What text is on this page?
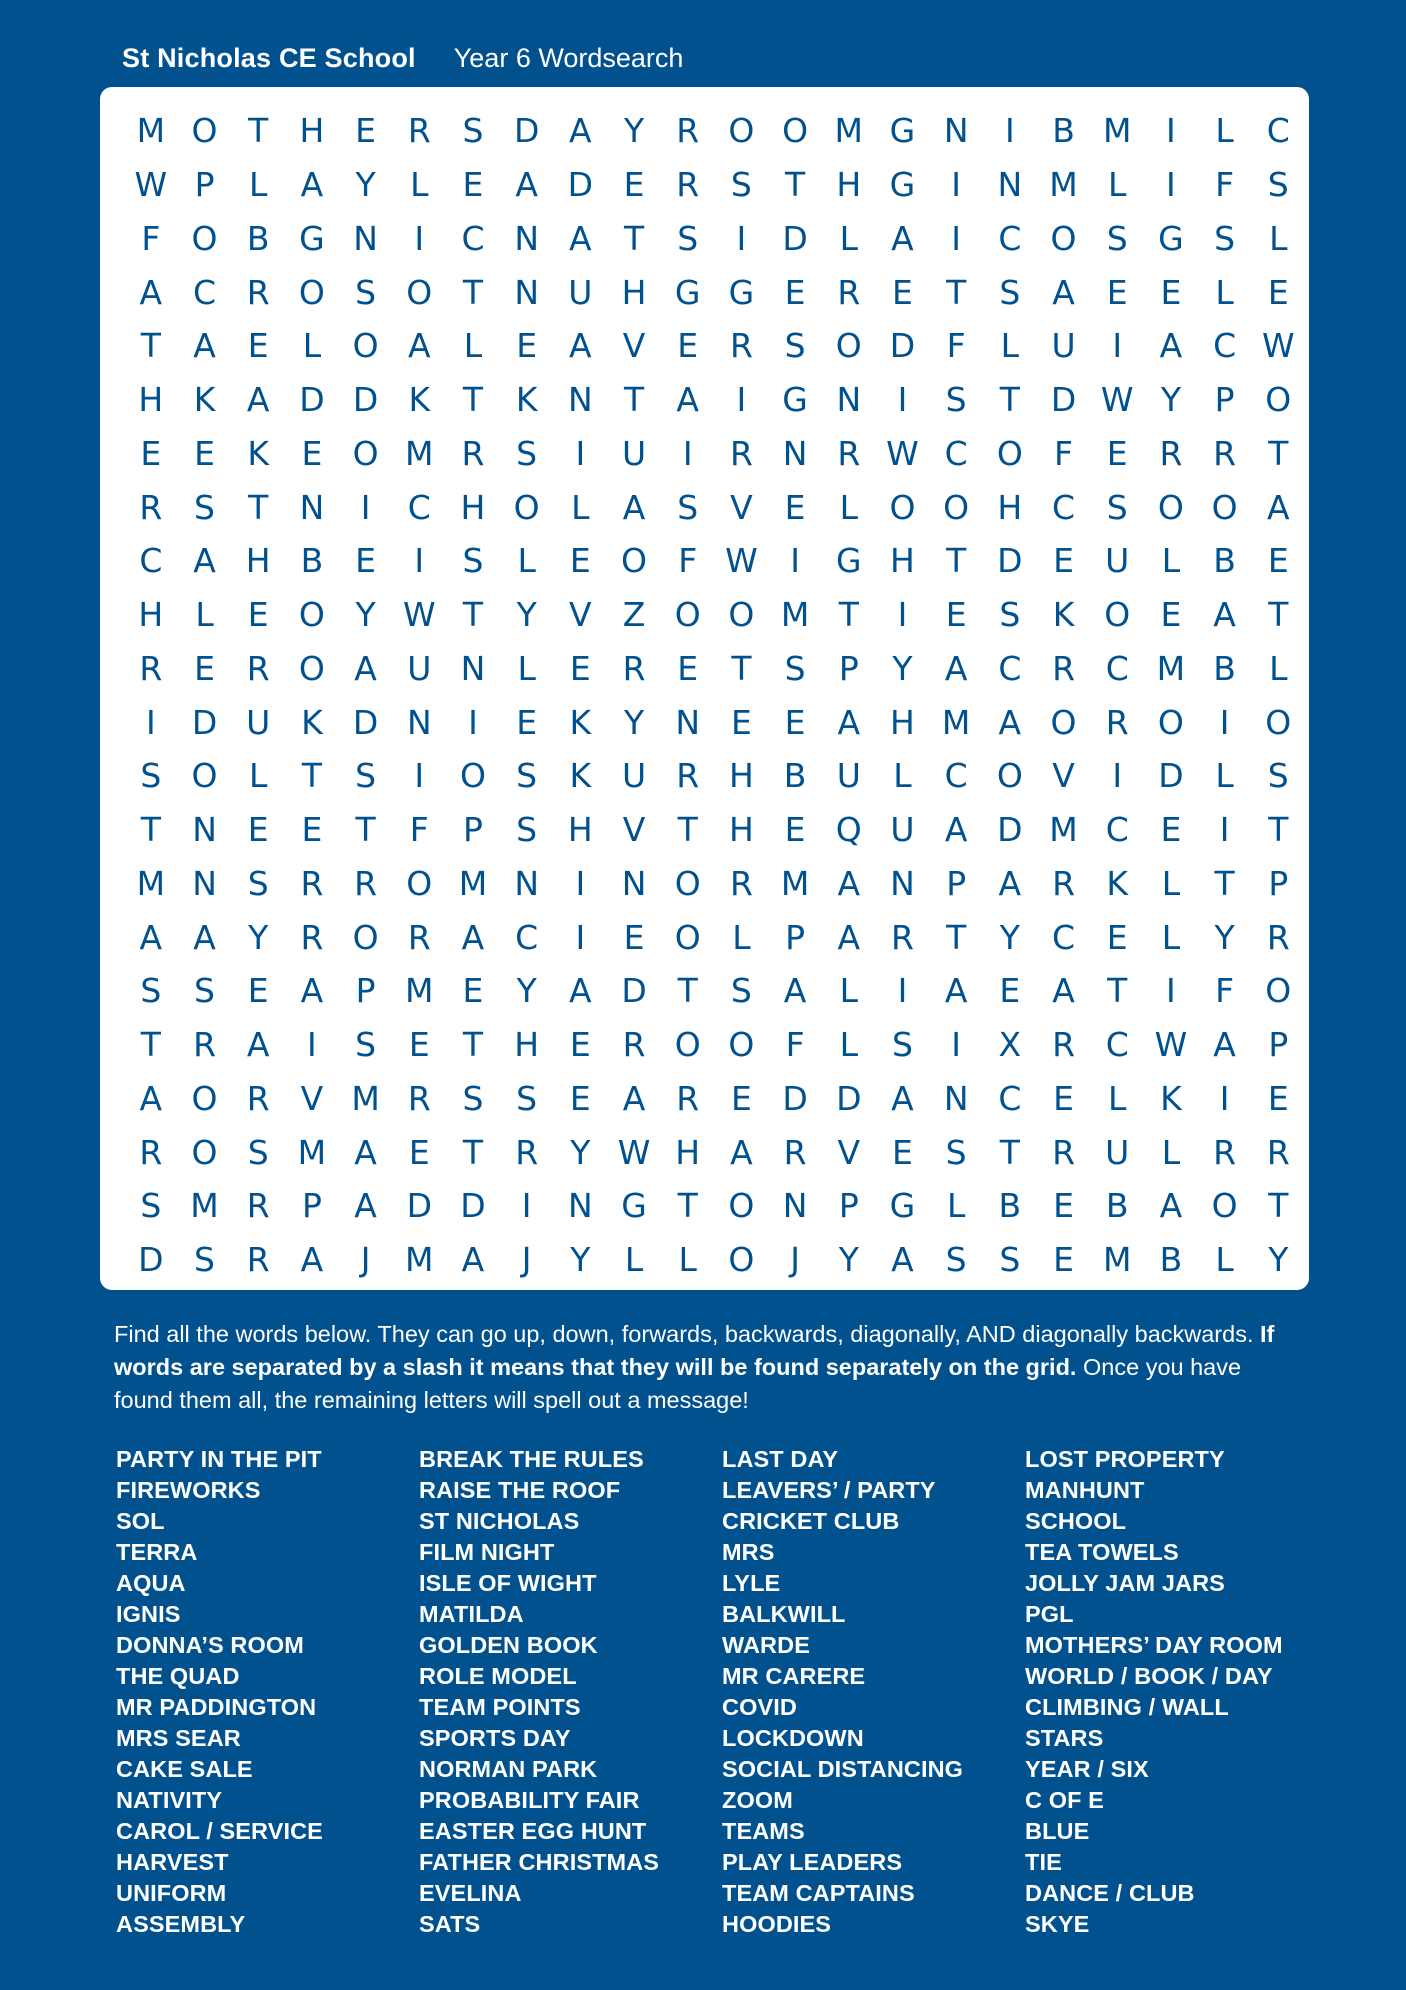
St Nicholas CE School Year 6 Wordsearch
M O T H E R S D A Y R O O M G N	I	B M	I	L C
W P	L	A Y	L	E A D E R S	T H G	I	N M L	I	F	S
F O B G N	I	C N A T	S	I	D L	A	I	C O S G S	L
A C R O S O T N U H G G E R E	T	S A E E	L	E
T A E	L O A	L	E A V E R S O D F	L U	I	A C W
H K A D D K T K N T A	I	G N	I	S	T D W Y	P O
E E K E O M R S	I	U	I	R N R W C O F	E R R T
R S	T N	I	C H O L	A S V E	L O O H C S O O A
C A H B E	I	S	L	E O F W I	G H T D E U L	B E
H L	E O Y W T	Y V Z O O M T	I	E S K O E A T
R E R O A U N L	E R E	T	S	P	Y A C R C M B	L
I	D U K D N	I	E K Y N E E A H M A O R O	I	O
S O L	T	S	I	O S K U R H B U L C O V	I	D L	S
T N E E	T	F	P	S H V T H E Q U A D M C E	I	T
M N S R R O M N	I	N O R M A N P A R K	L	T	P
A A Y R O R A C	I	E O L	P A R T	Y C E	L	Y R
S S E A P M E	Y A D T	S A	L	I	A E A T	I	F O
T R A	I	S E	T H E R O O F	L	S	I	X R C W A P
A O R V M R S S E A R E D D A N C E	L	K	I	E
R O S M A E	T R Y W H A R V E S	T R U L	R R
S M R P A D D	I	N G T O N P G L	B E B A O T
D S R A	J	M A	J	Y	L	L O	J	Y A S S E M B	L	Y
Find all the words below. They can go up, down, forwards, backwards, diagonally, AND diagonally backwards. If words are separated by a slash it means that they will be found separately on the grid. Once you have found them all, the remaining letters will spell out a message!
PARTY IN THE PIT
FIREWORKS
SOL
TERRA
AQUA
IGNIS
DONNA’S ROOM
THE QUAD
MR PADDINGTON
MRS SEAR
CAKE SALE
NATIVITY
CAROL / SERVICE
HARVEST
UNIFORM
ASSEMBLY
BREAK THE RULES
RAISE THE ROOF
ST NICHOLAS
FILM NIGHT
ISLE OF WIGHT
MATILDA
GOLDEN BOOK
ROLE MODEL
TEAM POINTS
SPORTS DAY
NORMAN PARK
PROBABILITY FAIR
EASTER EGG HUNT
FATHER CHRISTMAS
EVELINA
SATS
LAST DAY
LEAVERS’ / PARTY
CRICKET CLUB
MRS
LYLE
BALKWILL
WARDE
MR CARERE
COVID
LOCKDOWN
SOCIAL DISTANCING
ZOOM
TEAMS
PLAY LEADERS
TEAM CAPTAINS
HOODIES
LOST PROPERTY
MANHUNT
SCHOOL
TEA TOWELS
JOLLY JAM JARS
PGL
MOTHERS’ DAY ROOM
WORLD / BOOK / DAY
CLIMBING / WALL
STARS
YEAR / SIX
C OF E
BLUE
TIE
DANCE / CLUB
SKYE
